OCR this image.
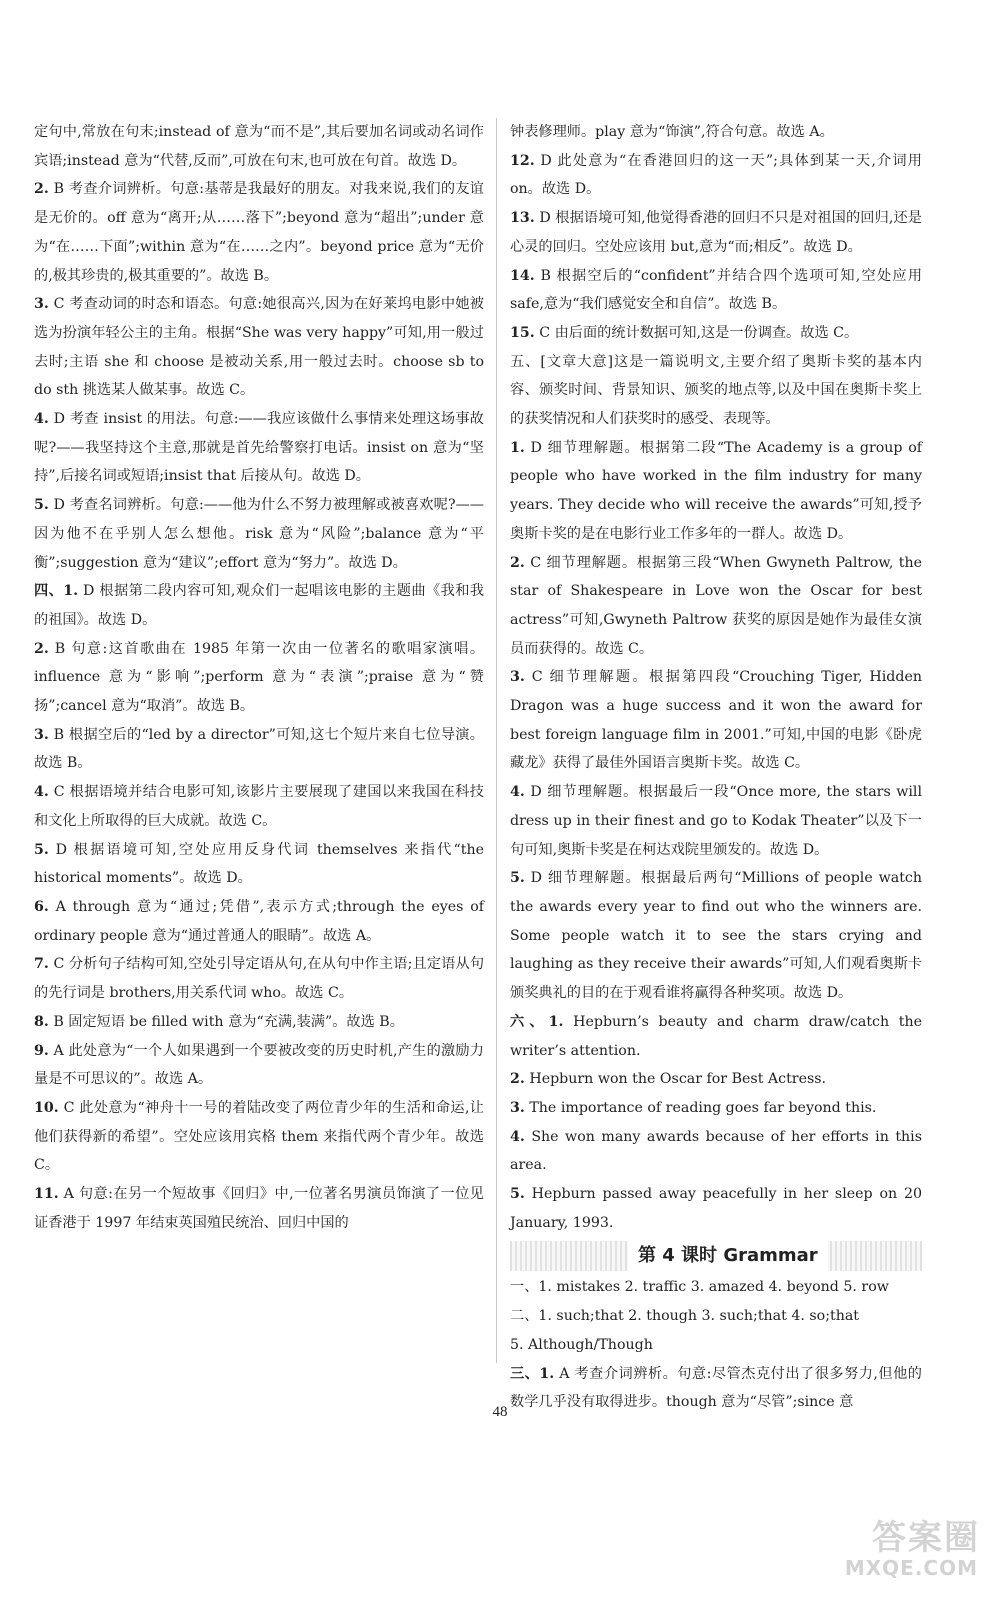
定句中,常放在句末;instead of 意为“而不是”,其后要加名词或动名词作宾语;instead 意为“代替,反而”,可放在句末,也可放在句首。故选 D。

2. B 考查介词辨析。句意:基蒂是我最好的朋友。对我来说,我们的友谊是无价的。off 意为“离开;从……落下”;beyond 意为“超出”;under 意为“在……下面”;within 意为“在……之内”。beyond price 意为“无价的,极其珍贵的,极其重要的”。故选 B。

3. C 考查动词的时态和语态。句意:她很高兴,因为在好莱坞电影中她被选为扮演年轻公主的主角。根据“She was very happy”可知,用一般过去时;主语 she 和 choose 是被动关系,用一般过去时。choose sb to do sth 挑选某人做某事。故选 C。

4. D 考查 insist 的用法。句意:——我应该做什么事情来处理这场事故呢?——我坚持这个主意,那就是首先给警察打电话。insist on 意为“坚持”,后接名词或短语;insist that 后接从句。故选 D。

5. D 考查名词辨析。句意:——他为什么不努力被理解或被喜欢呢?——因为他不在乎别人怎么想他。risk 意为“风险”;balance 意为“平衡”;suggestion 意为“建议”;effort 意为“努力”。故选 D。

四、1. D 根据第二段内容可知,观众们一起唱该电影的主题曲《我和我的祖国》。故选 D。

2. B 句意:这首歌曲在 1985 年第一次由一位著名的歌唱家演唱。influence 意为“影响”;perform 意为“表演”;praise 意为“赞扬”;cancel 意为“取消”。故选 B。

3. B 根据空后的“led by a director”可知,这七个短片来自七位导演。故选 B。

4. C 根据语境并结合电影可知,该影片主要展现了建国以来我国在科技和文化上所取得的巨大成就。故选 C。

5. D 根据语境可知,空处应用反身代词 themselves 来指代“the historical moments”。故选 D。

6. A through 意为“通过;凭借”,表示方式;through the eyes of ordinary people 意为“通过普通人的眼睛”。故选 A。

7. C 分析句子结构可知,空处引导定语从句,在从句中作主语;且定语从句的先行词是 brothers,用关系代词 who。故选 C。

8. B 固定短语 be filled with 意为“充满,装满”。故选 B。

9. A 此处意为“一个人如果遇到一个要被改变的历史时机,产生的激励力量是不可思议的”。故选 A。

10. C 此处意为“神舟十一号的着陆改变了两位青少年的生活和命运,让他们获得新的希望”。空处应该用宾格 them 来指代两个青少年。故选 C。

11. A 句意:在另一个短故事《回归》中,一位著名男演员饰演了一位见证香港于 1997 年结束英国殖民统治、回归中国的

钟表修理师。play 意为“饰演”,符合句意。故选 A。

12. D 此处意为“在香港回归的这一天”;具体到某一天,介词用 on。故选 D。

13. D 根据语境可知,他觉得香港的回归不只是对祖国的回归,还是心灵的回归。空处应该用 but,意为“而;相反”。故选 D。

14. B 根据空后的“confident”并结合四个选项可知,空处应用 safe,意为“我们感觉安全和自信”。故选 B。

15. C 由后面的统计数据可知,这是一份调查。故选 C。

五、[文章大意]这是一篇说明文,主要介绍了奥斯卡奖的基本内容、颁奖时间、背景知识、颁奖的地点等,以及中国在奥斯卡奖上的获奖情况和人们获奖时的感受、表现等。

1. D 细节理解题。根据第二段“The Academy is a group of people who have worked in the film industry for many years. They decide who will receive the awards”可知,授予奥斯卡奖的是在电影行业工作多年的一群人。故选 D。

2. C 细节理解题。根据第三段“When Gwyneth Paltrow, the star of Shakespeare in Love won the Oscar for best actress”可知,Gwyneth Paltrow 获奖的原因是她作为最佳女演员而获得的。故选 C。

3. C 细节理解题。根据第四段“Crouching Tiger, Hidden Dragon was a huge success and it won the award for best foreign language film in 2001.”可知,中国的电影《卧虎藏龙》获得了最佳外国语言奥斯卡奖。故选 C。

4. D 细节理解题。根据最后一段“Once more, the stars will dress up in their finest and go to Kodak Theater”以及下一句可知,奥斯卡奖是在柯达戏院里颁发的。故选 D。

5. D 细节理解题。根据最后两句“Millions of people watch the awards every year to find out who the winners are. Some people watch it to see the stars crying and laughing as they receive their awards”可知,人们观看奥斯卡颁奖典礼的目的在于观看谁将赢得各种奖项。故选 D。

六、1. Hepburn’s beauty and charm draw/catch the writer’s attention.

2. Hepburn won the Oscar for Best Actress.

3. The importance of reading goes far beyond this.

4. She won many awards because of her efforts in this area.

5. Hepburn passed away peacefully in her sleep on 20 January, 1993.

第 4 课时 Grammar

一、1. mistakes 2. traffic 3. amazed 4. beyond 5. row

二、1. such;that 2. though 3. such;that 4. so;that

5. Although/Though

三、1. A 考查介词辨析。句意:尽管杰克付出了很多努力,但他的数学几乎没有取得进步。though 意为“尽管”;since 意

48
答案圈
MXQE.COM
